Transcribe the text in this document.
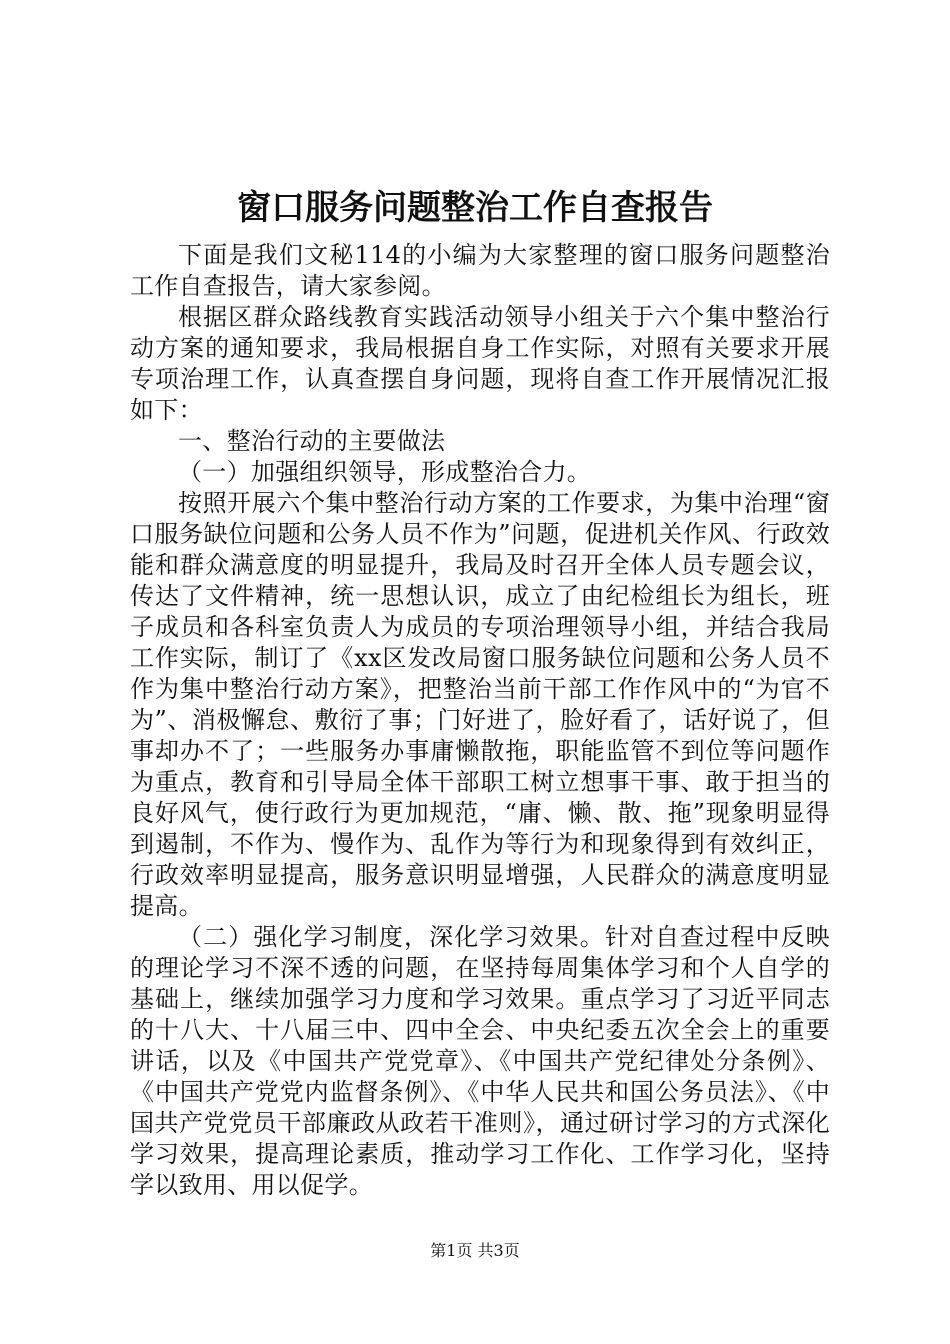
窗口服务问题整治工作自查报告

下面是我们文秘114的小编为大家整理的窗口服务问题整治工作自查报告，请大家参阅。

根据区群众路线教育实践活动领导小组关于六个集中整治行动方案的通知要求，我局根据自身工作实际，对照有关要求开展专项治理工作，认真查摆自身问题，现将自查工作开展情况汇报如下：

一、整治行动的主要做法

（一）加强组织领导，形成整治合力。

按照开展六个集中整治行动方案的工作要求，为集中治理“窗口服务缺位问题和公务人员不作为”问题，促进机关作风、行政效能和群众满意度的明显提升，我局及时召开全体人员专题会议，传达了文件精神，统一思想认识，成立了由纪检组长为组长，班子成员和各科室负责人为成员的专项治理领导小组，并结合我局工作实际，制订了《xx区发改局窗口服务缺位问题和公务人员不作为集中整治行动方案》，把整治当前干部工作作风中的“为官不为”、消极懈怠、敷衍了事；门好进了，脸好看了，话好说了，但事却办不了；一些服务办事庸懒散拖，职能监管不到位等问题作为重点，教育和引导局全体干部职工树立想事干事、敢于担当的良好风气，使行政行为更加规范，“庸、懒、散、拖”现象明显得到遏制，不作为、慢作为、乱作为等行为和现象得到有效纠正，行政效率明显提高，服务意识明显增强，人民群众的满意度明显提高。

（二）强化学习制度，深化学习效果。针对自查过程中反映的理论学习不深不透的问题，在坚持每周集体学习和个人自学的基础上，继续加强学习力度和学习效果。重点学习了习近平同志的十八大、十八届三中、四中全会、中央纪委五次全会上的重要讲话，以及《中国共产党党章》、《中国共产党纪律处分条例》、《中国共产党党内监督条例》、《中华人民共和国公务员法》、《中国共产党党员干部廉政从政若干准则》，通过研讨学习的方式深化学习效果，提高理论素质，推动学习工作化、工作学习化，坚持学以致用、用以促学。

第1页 共3页
